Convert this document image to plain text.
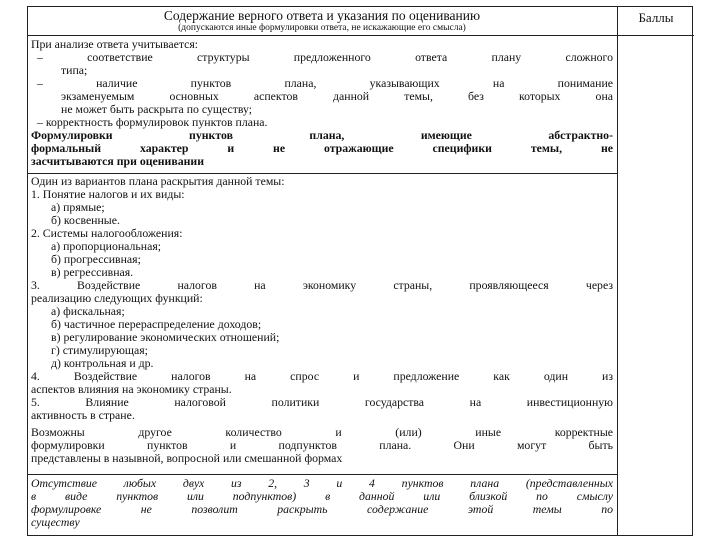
Содержание верного ответа и указания по оцениванию
(допускаются иные формулировки ответа, не искажающие его смысла)
Баллы

При анализе ответа учитывается:

– соответствие структуры предложенного ответа плану сложного

типа;

– наличие пунктов плана, указывающих на понимание

экзаменуемым основных аспектов данной темы, без которых она

не может быть раскрыта по существу;

– корректность формулировок пунктов плана.

Формулировки пунктов плана, имеющие абстрактно-

формальный характер и не отражающие специфики темы, не

засчитываются при оценивании

Один из вариантов плана раскрытия данной темы:

1. Понятие налогов и их виды:

а) прямые;

б) косвенные.

2. Системы налогообложения:

а) пропорциональная;

б) прогрессивная;

в) регрессивная.

3. Воздействие налогов на экономику страны, проявляющееся через

реализацию следующих функций:

а) фискальная;

б) частичное перераспределение доходов;

в) регулирование экономических отношений;

г) стимулирующая;

д) контрольная и др.

4. Воздействие налогов на спрос и предложение как один из

аспектов влияния на экономику страны.

5. Влияние налоговой политики государства на инвестиционную

активность в стране.

Возможны другое количество и (или) иные корректные

формулировки пунктов и подпунктов плана. Они могут быть

представлены в назывной, вопросной или смешанной формах

Отсутствие любых двух из 2, 3 и 4 пунктов плана (представленных

в виде пунктов или подпунктов) в данной или близкой по смыслу

формулировке не позволит раскрыть содержание этой темы по

существу
